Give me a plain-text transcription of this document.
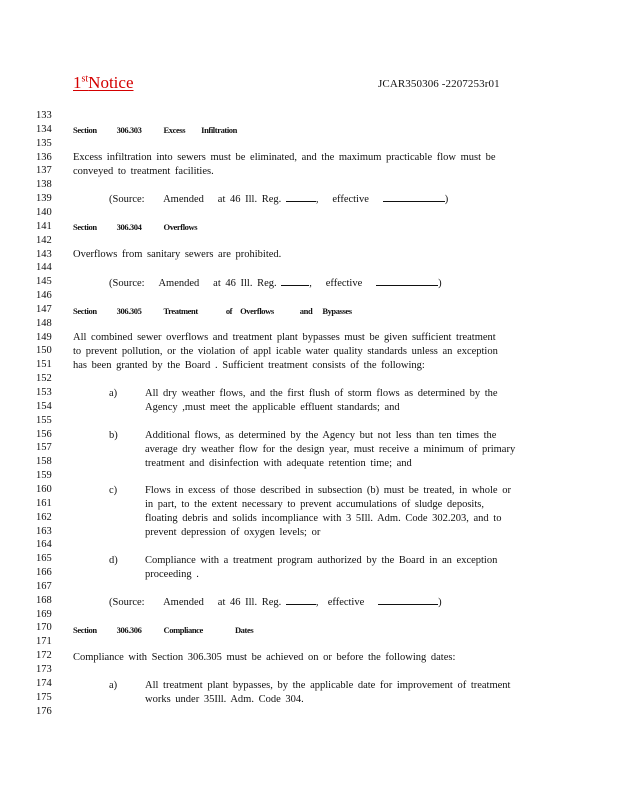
1stNotice	JCAR350306 -2207253r01
133
134
135
136
137
138
139
140
141
142
143
144
145
146
147
148
149
150
151
152
153
154
155
156
157
158
159
160
161
162
163
164
165
166
167
168
169
170
171
172
173
174
175
176
Section 306.303	Excess Infiltration
Excess infiltration into sewers must be eliminated, and the maximum practicable flow must be
conveyed to treatment facilities.
(Source: Amended at 46 Ill. Reg.	,   effective	)
Section 306.304	Overflows
Overflows from sanitary sewers are prohibited.
(Source: Amended at 46 Ill. Reg.	,   effective	)
Section 306.305	Treatment	of Overflows	and Bypasses
All combined sewer overflows and treatment plant bypasses must be given sufficient treatment
to prevent pollution, or the violation of appl icable water quality standards unless an exception
has been granted by the Board . Sufficient treatment consists of the following:
a)	All dry weather flows, and the first flush of storm flows as determined by the
Agency ,must meet the applicable effluent standards; and
b)	Additional flows, as determined by the Agency but not less than ten times the
average dry weather flow for the design year, must receive a minimum of primary
treatment and disinfection with adequate retention time; and
c)	Flows in excess of those described in subsection (b) must be treated, in whole or
in part, to the extent necessary to prevent accumulations of sludge deposits,
floating debris and solids incompliance with 3 5Ill. Adm. Code 302.203, and to
prevent depression of oxygen levels; or
d)	Compliance with a treatment program authorized by the Board in an exception
proceeding .
(Source: Amended at 46 Ill. Reg.	,  effective	)
Section 306.306	Compliance	Dates
Compliance with Section 306.305 must be achieved on or before the following dates:
a)	All treatment plant bypasses, by the applicable date for improvement of treatment
works under 35Ill. Adm. Code 304.
